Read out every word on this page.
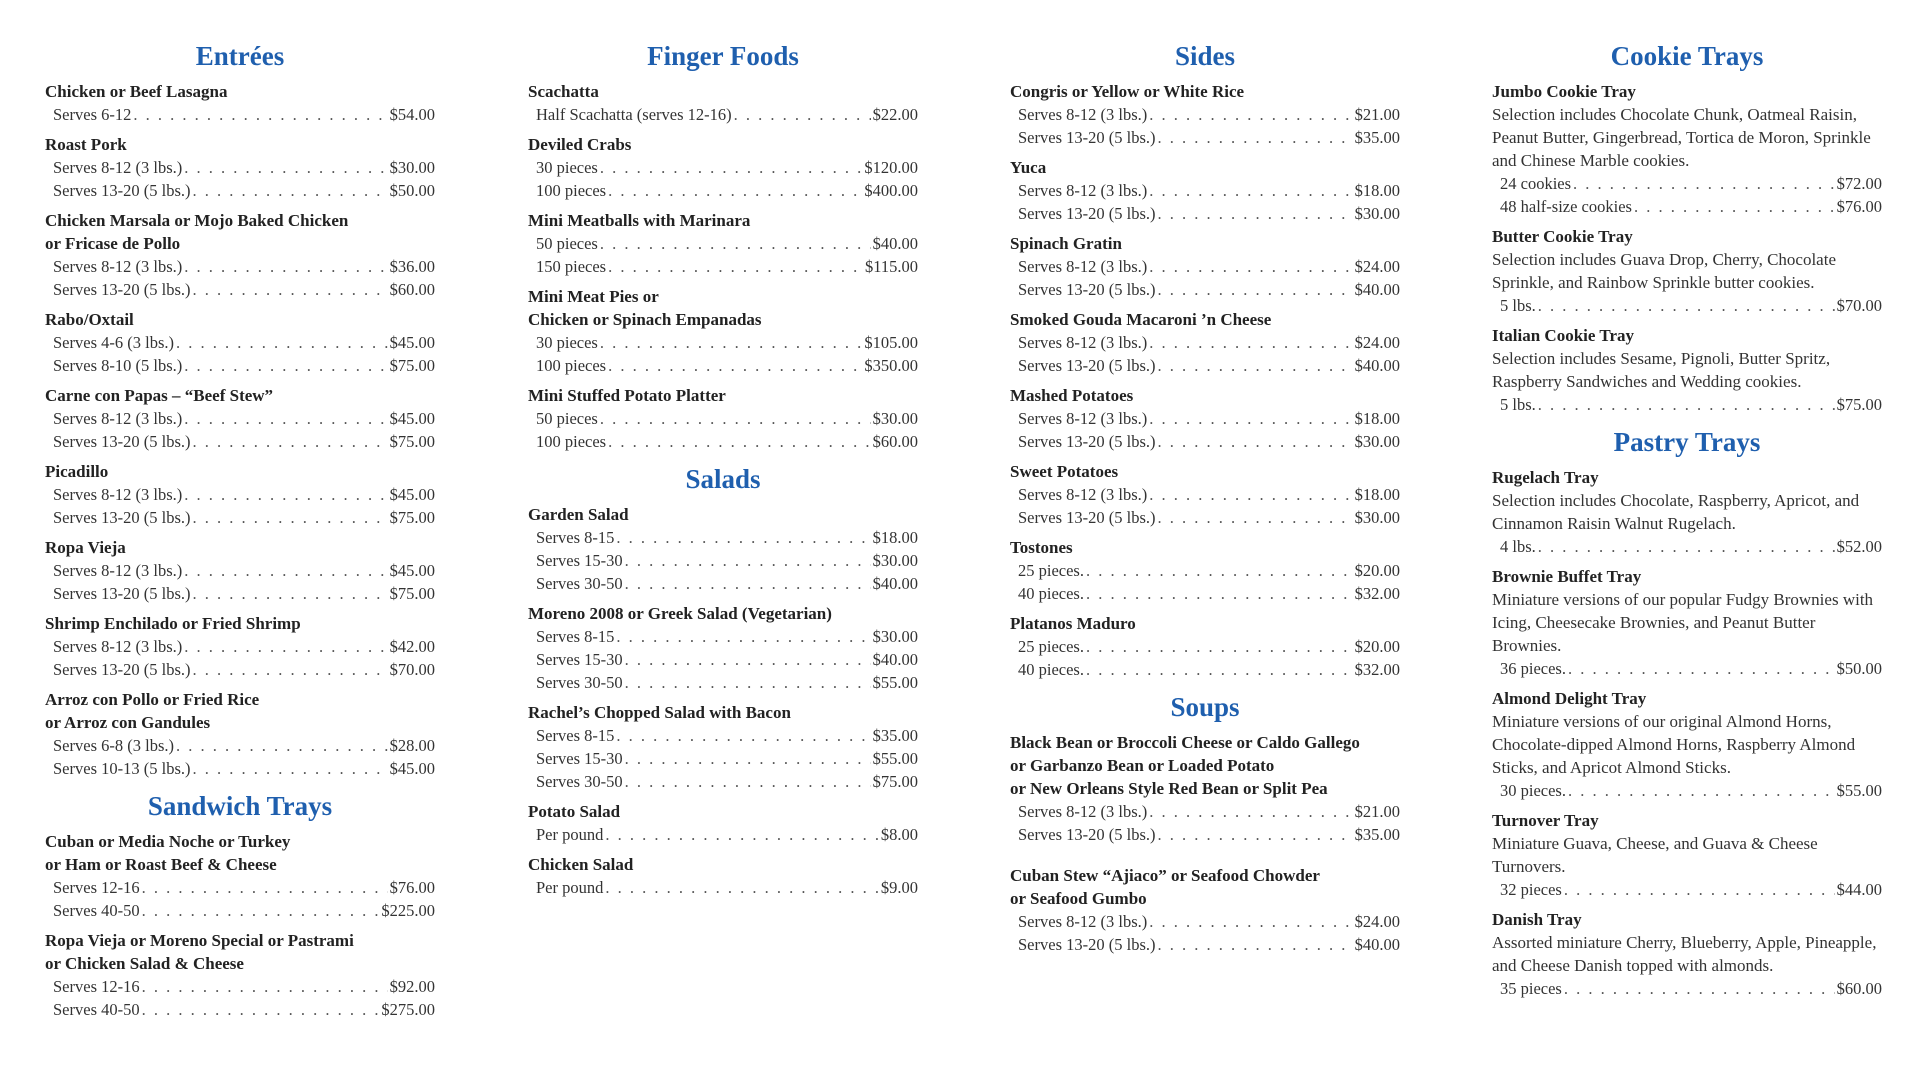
Entrées
Chicken or Beef Lasagna
Serves 6-12 . . .	$54.00
Roast Pork
Serves 8-12 (3 lbs.) . . .	$30.00
Serves 13-20 (5 lbs.) . . .	$50.00
Chicken Marsala or Mojo Baked Chicken
or Fricase de Pollo
Serves 8-12 (3 lbs.) . . .	$36.00
Serves 13-20 (5 lbs.) . . .	$60.00
Rabo/Oxtail
Serves 4-6 (3 lbs.) . . .	$45.00
Serves 8-10 (5 lbs.) . . .	$75.00
Carne con Papas – “Beef Stew”
Serves 8-12 (3 lbs.) . . .	$45.00
Serves 13-20 (5 lbs.) . . .	$75.00
Picadillo
Serves 8-12 (3 lbs.) . . .	$45.00
Serves 13-20 (5 lbs.) . . .	$75.00
Ropa Vieja
Serves 8-12 (3 lbs.) . . .	$45.00
Serves 13-20 (5 lbs.) . . .	$75.00
Shrimp Enchilado or Fried Shrimp
Serves 8-12 (3 lbs.) . . .	$42.00
Serves 13-20 (5 lbs.) . . .	$70.00
Arroz con Pollo or Fried Rice
or Arroz con Gandules
Serves 6-8 (3 lbs.) . . .	$28.00
Serves 10-13 (5 lbs.) . . .	$45.00
Sandwich Trays
Cuban or Media Noche or Turkey
or Ham or Roast Beef & Cheese
Serves 12-16 . . .	$76.00
Serves 40-50 . . .	$225.00
Ropa Vieja or Moreno Special or Pastrami
or Chicken Salad & Cheese
Serves 12-16 . . .	$92.00
Serves 40-50 . . .	$275.00
Finger Foods
Scachatta
Half Scachatta (serves 12-16) . . .	$22.00
Deviled Crabs
30 pieces . . .	$120.00
100 pieces . . .	$400.00
Mini Meatballs with Marinara
50 pieces . . .	$40.00
150 pieces . . .	$115.00
Mini Meat Pies or
Chicken or Spinach Empanadas
30 pieces . . .	$105.00
100 pieces . . .	$350.00
Mini Stuffed Potato Platter
50 pieces . . .	$30.00
100 pieces . . .	$60.00
Salads
Garden Salad
Serves 8-15 . . .	$18.00
Serves 15-30 . . .	$30.00
Serves 30-50 . . .	$40.00
Moreno 2008 or Greek Salad (Vegetarian)
Serves 8-15 . . .	$30.00
Serves 15-30 . . .	$40.00
Serves 30-50 . . .	$55.00
Rachel’s Chopped Salad with Bacon
Serves 8-15 . . .	$35.00
Serves 15-30 . . .	$55.00
Serves 30-50 . . .	$75.00
Potato Salad
Per pound . . .	$8.00
Chicken Salad
Per pound . . .	$9.00
Sides
Congris or Yellow or White Rice
Serves 8-12 (3 lbs.) . . .	$21.00
Serves 13-20 (5 lbs.) . . .	$35.00
Yuca
Serves 8-12 (3 lbs.) . . .	$18.00
Serves 13-20 (5 lbs.) . . .	$30.00
Spinach Gratin
Serves 8-12 (3 lbs.) . . .	$24.00
Serves 13-20 (5 lbs.) . . .	$40.00
Smoked Gouda Macaroni ’n Cheese
Serves 8-12 (3 lbs.) . . .	$24.00
Serves 13-20 (5 lbs.) . . .	$40.00
Mashed Potatoes
Serves 8-12 (3 lbs.) . . .	$18.00
Serves 13-20 (5 lbs.) . . .	$30.00
Sweet Potatoes
Serves 8-12 (3 lbs.) . . .	$18.00
Serves 13-20 (5 lbs.) . . .	$30.00
Tostones
25 pieces. . . .	$20.00
40 pieces. . . .	$32.00
Platanos Maduro
25 pieces. . . .	$20.00
40 pieces. . . .	$32.00
Soups
Black Bean or Broccoli Cheese or Caldo Gallego
or Garbanzo Bean or Loaded Potato
or New Orleans Style Red Bean or Split Pea
Serves 8-12 (3 lbs.) . . .	$21.00
Serves 13-20 (5 lbs.) . . .	$35.00
Cuban Stew “Ajiaco” or Seafood Chowder
or Seafood Gumbo
Serves 8-12 (3 lbs.) . . .	$24.00
Serves 13-20 (5 lbs.) . . .	$40.00
Cookie Trays
Jumbo Cookie Tray
Selection includes Chocolate Chunk, Oatmeal Raisin, Peanut Butter, Gingerbread, Tortica de Moron, Sprinkle and Chinese Marble cookies.
24 cookies . . .	$72.00
48 half-size cookies . . .	$76.00
Butter Cookie Tray
Selection includes Guava Drop, Cherry, Chocolate Sprinkle, and Rainbow Sprinkle butter cookies.
5 lbs. . . .	$70.00
Italian Cookie Tray
Selection includes Sesame, Pignoli, Butter Spritz, Raspberry Sandwiches and Wedding cookies.
5 lbs. . . .	$75.00
Pastry Trays
Rugelach Tray
Selection includes Chocolate, Raspberry, Apricot, and Cinnamon Raisin Walnut Rugelach.
4 lbs. . . .	$52.00
Brownie Buffet Tray
Miniature versions of our popular Fudgy Brownies with Icing, Cheesecake Brownies, and Peanut Butter Brownies.
36 pieces. . . .	$50.00
Almond Delight Tray
Miniature versions of our original Almond Horns, Chocolate-dipped Almond Horns, Raspberry Almond Sticks, and Apricot Almond Sticks.
30 pieces. . . .	$55.00
Turnover Tray
Miniature Guava, Cheese, and Guava & Cheese Turnovers.
32 pieces . . .	$44.00
Danish Tray
Assorted miniature Cherry, Blueberry, Apple, Pineapple, and Cheese Danish topped with almonds.
35 pieces . . .	$60.00
